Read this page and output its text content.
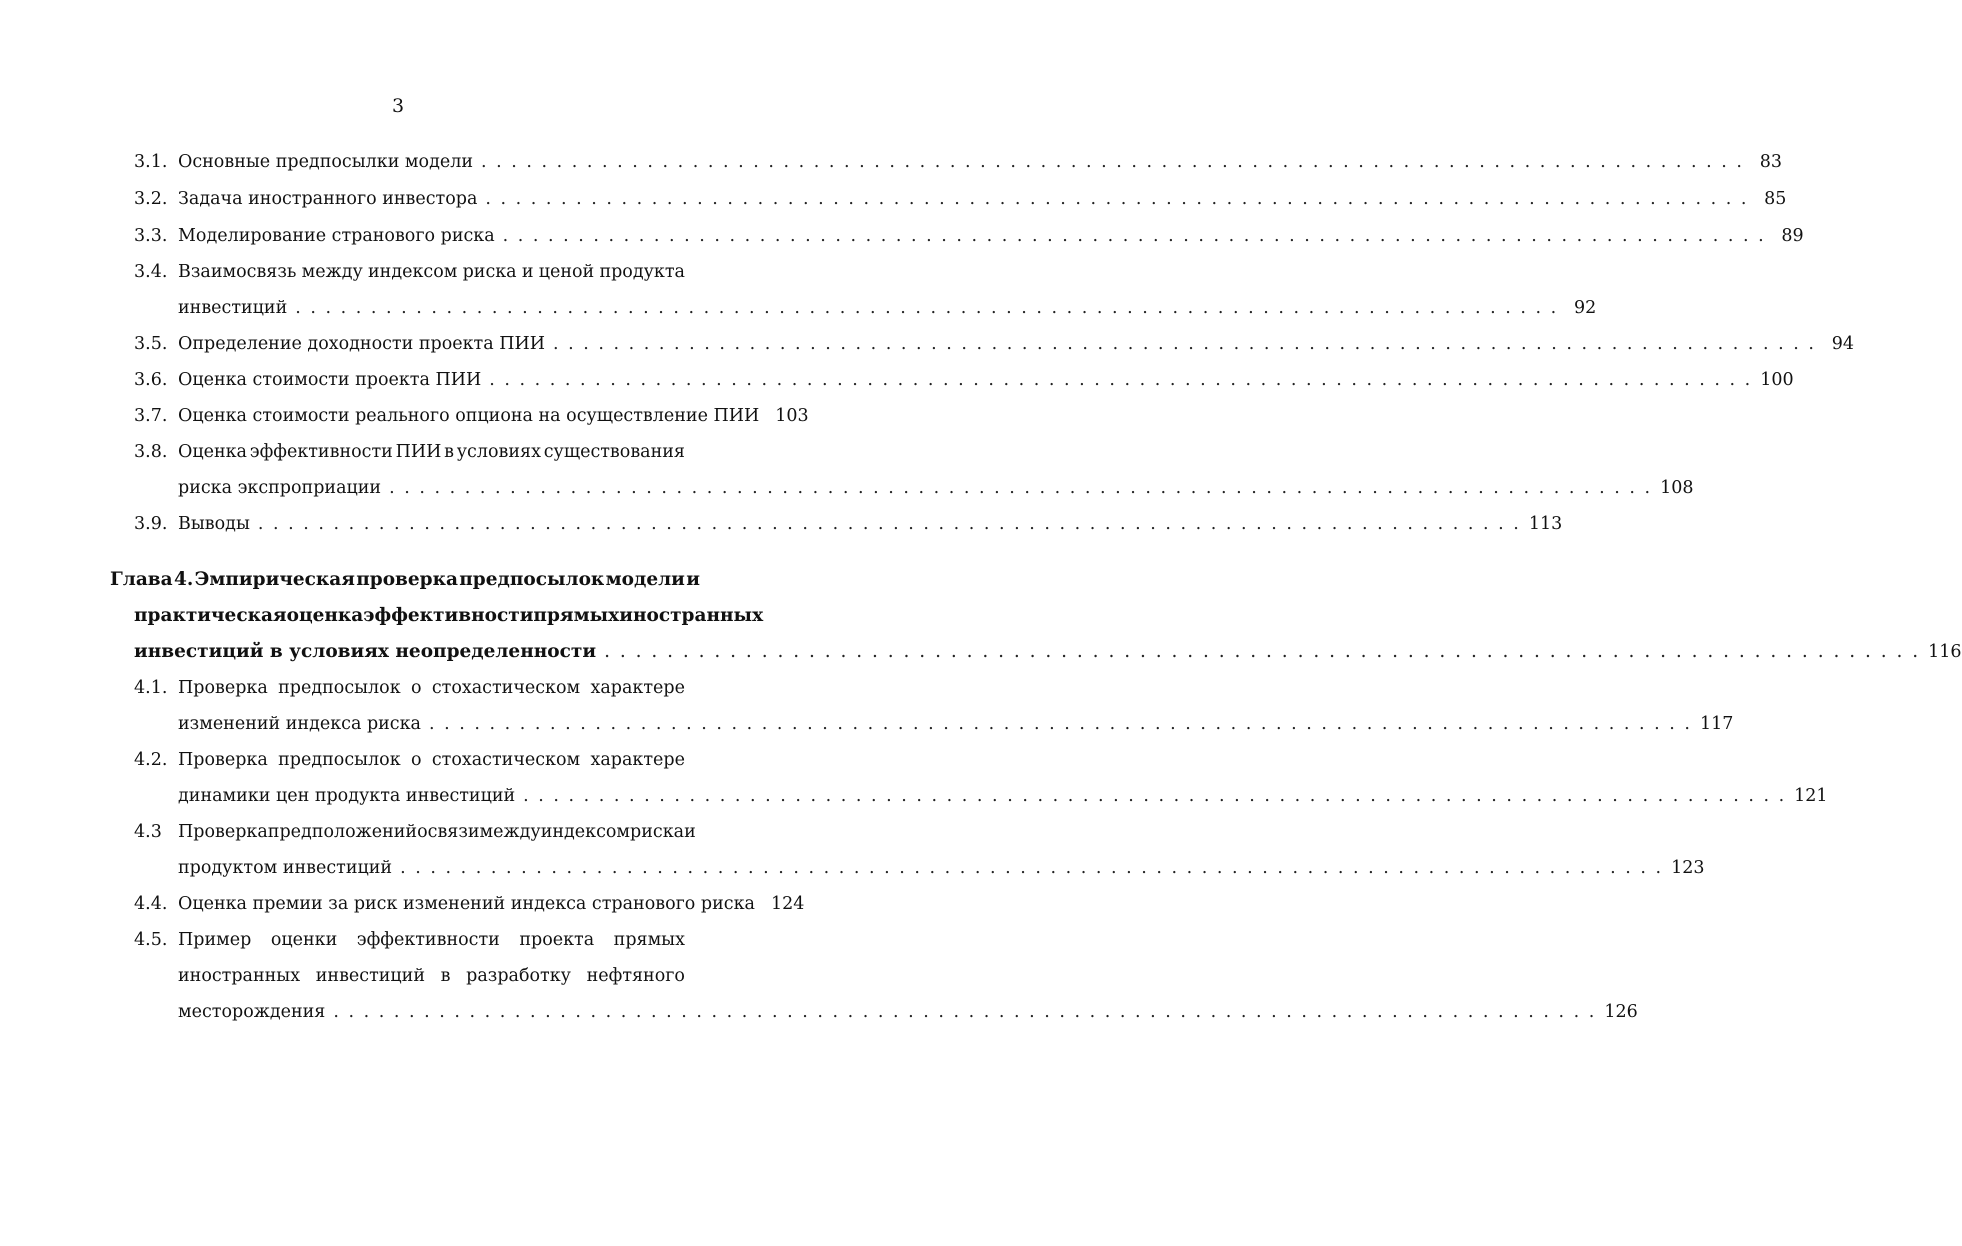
3
3.1. Основные предпосылки модели . . .	83
3.2. Задача иностранного инвестора . . .	85
3.3. Моделирование странового риска . . .	89
3.4. Взаимосвязь между индексом риска и ценой продукта
инвестиций . . .	92
3.5. Определение доходности проекта ПИИ . . .	94
3.6. Оценка стоимости проекта ПИИ . . .	100
3.7. Оценка стоимости реального опциона на осуществление ПИИ 103
3.8. Оценка эффективности ПИИ в условиях существования
риска экспроприации . . .	108
3.9. Выводы . . .	113
Глава 4. Эмпирическая проверка предпосылок модели и
практическая оценка эффективности прямых иностранных
инвестиций в условиях неопределенности . . .	116
4.1. Проверка предпосылок о стохастическом характере
изменений индекса риска . . .	117
4.2. Проверка предпосылок о стохастическом характере
динамики цен продукта инвестиций . . .	121
4.3 Проверка предположений о связи между индексом риска и
продуктом инвестиций . . .	123
4.4. Оценка премии за риск изменений индекса странового риска 124
4.5. Пример оценки эффективности проекта прямых
иностранных инвестиций в разработку нефтяного
месторождения . . .	126
